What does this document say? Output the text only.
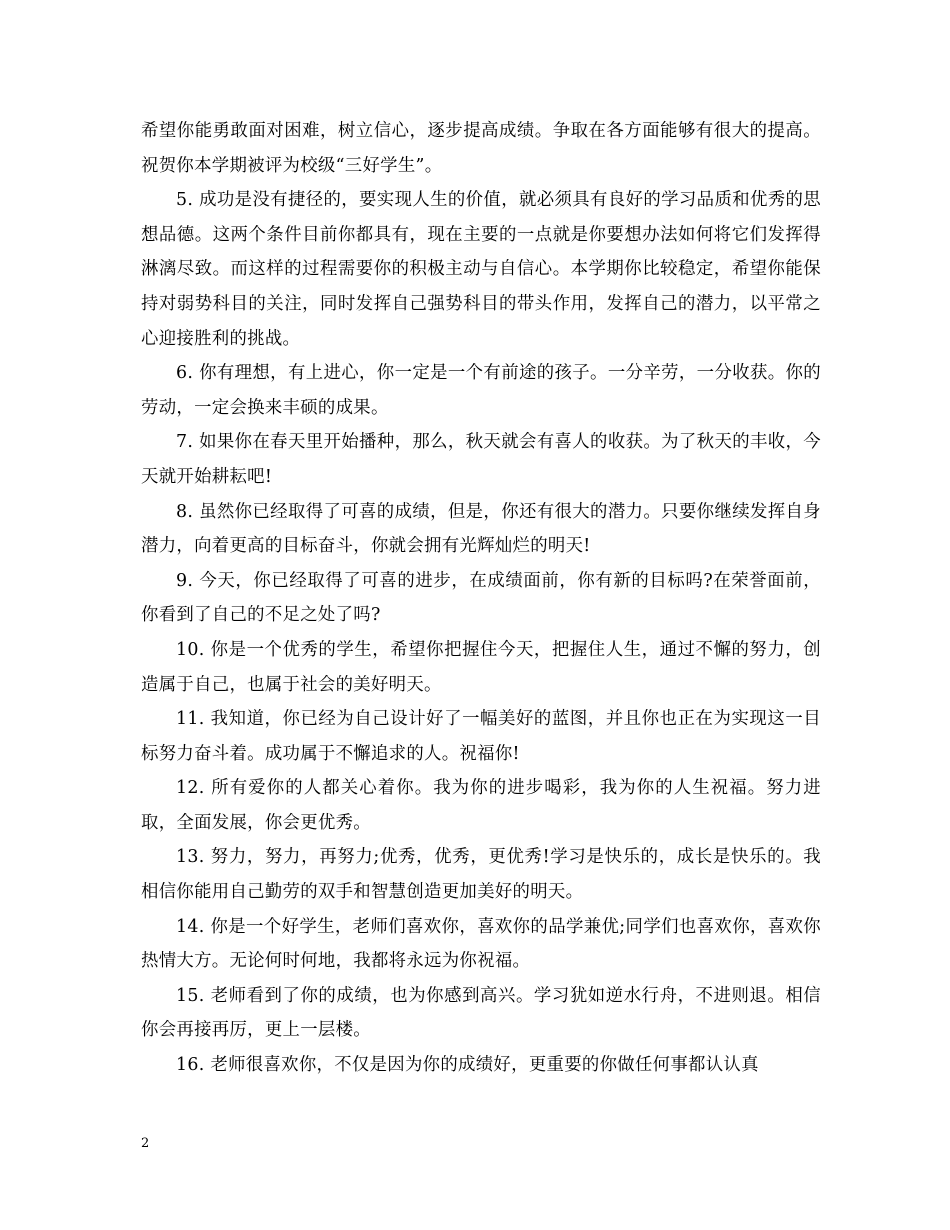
希望你能勇敢面对困难，树立信心，逐步提高成绩。争取在各方面能够有很大的提高。祝贺你本学期被评为校级“三好学生”。

5. 成功是没有捷径的，要实现人生的价值，就必须具有良好的学习品质和优秀的思想品德。这两个条件目前你都具有，现在主要的一点就是你要想办法如何将它们发挥得淋漓尽致。而这样的过程需要你的积极主动与自信心。本学期你比较稳定，希望你能保持对弱势科目的关注，同时发挥自己强势科目的带头作用，发挥自己的潜力，以平常之心迎接胜利的挑战。

6. 你有理想，有上进心，你一定是一个有前途的孩子。一分辛劳，一分收获。你的劳动，一定会换来丰硕的成果。

7. 如果你在春天里开始播种，那么，秋天就会有喜人的收获。为了秋天的丰收，今天就开始耕耘吧!

8. 虽然你已经取得了可喜的成绩，但是，你还有很大的潜力。只要你继续发挥自身潜力，向着更高的目标奋斗，你就会拥有光辉灿烂的明天!

9. 今天，你已经取得了可喜的进步，在成绩面前，你有新的目标吗?在荣誉面前，你看到了自己的不足之处了吗?

10. 你是一个优秀的学生，希望你把握住今天，把握住人生，通过不懈的努力，创造属于自己，也属于社会的美好明天。

11. 我知道，你已经为自己设计好了一幅美好的蓝图，并且你也正在为实现这一目标努力奋斗着。成功属于不懈追求的人。祝福你!

12. 所有爱你的人都关心着你。我为你的进步喝彩，我为你的人生祝福。努力进取，全面发展，你会更优秀。

13. 努力，努力，再努力;优秀，优秀，更优秀!学习是快乐的，成长是快乐的。我相信你能用自己勤劳的双手和智慧创造更加美好的明天。

14. 你是一个好学生，老师们喜欢你，喜欢你的品学兼优;同学们也喜欢你，喜欢你热情大方。无论何时何地，我都将永远为你祝福。

15. 老师看到了你的成绩，也为你感到高兴。学习犹如逆水行舟，不进则退。相信你会再接再厉，更上一层楼。

16. 老师很喜欢你，不仅是因为你的成绩好，更重要的你做任何事都认认真

2
